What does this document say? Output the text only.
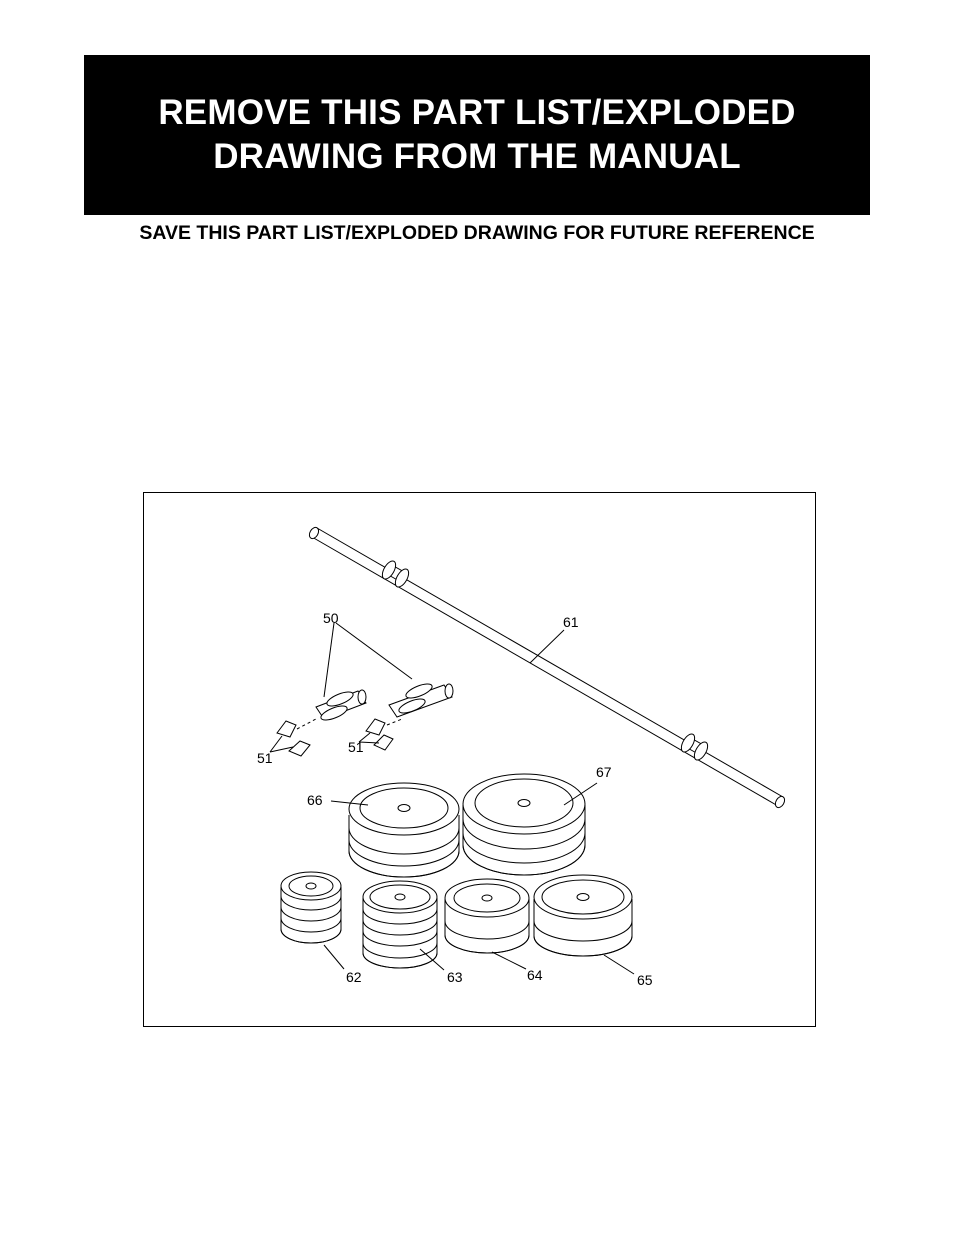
REMOVE THIS PART LIST/EXPLODED
DRAWING FROM THE MANUAL
SAVE THIS PART LIST/EXPLODED DRAWING FOR FUTURE REFERENCE
50
51
51
61
66
67
62	63	64	65
